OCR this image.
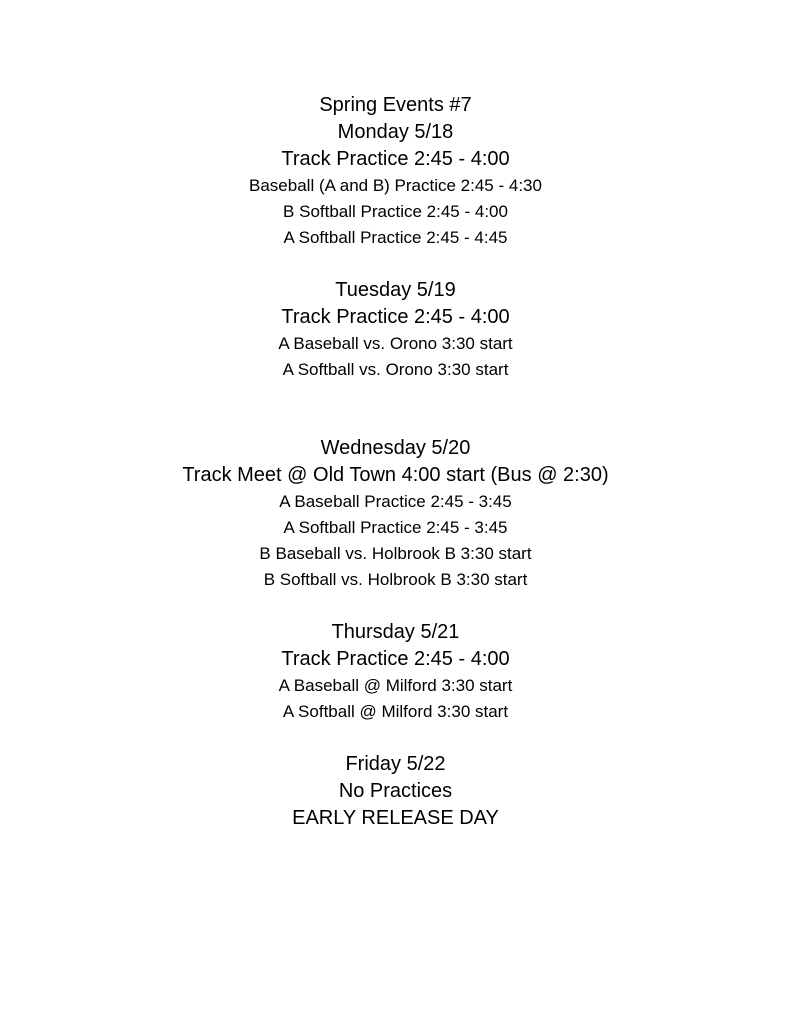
Spring Events #7
Monday 5/18
Track Practice 2:45 - 4:00
Baseball (A and B) Practice 2:45 - 4:30
B Softball Practice 2:45 - 4:00
A Softball Practice 2:45 - 4:45
Tuesday 5/19
Track Practice 2:45 - 4:00
A Baseball vs. Orono 3:30 start
A Softball vs. Orono 3:30 start
Wednesday 5/20
Track Meet @ Old Town 4:00 start (Bus @ 2:30)
A Baseball Practice 2:45 - 3:45
A Softball Practice 2:45 - 3:45
B Baseball vs. Holbrook B 3:30 start
B Softball vs. Holbrook B 3:30 start
Thursday 5/21
Track Practice 2:45 - 4:00
A Baseball @ Milford 3:30 start
A Softball @ Milford 3:30 start
Friday 5/22
No Practices
EARLY RELEASE DAY
